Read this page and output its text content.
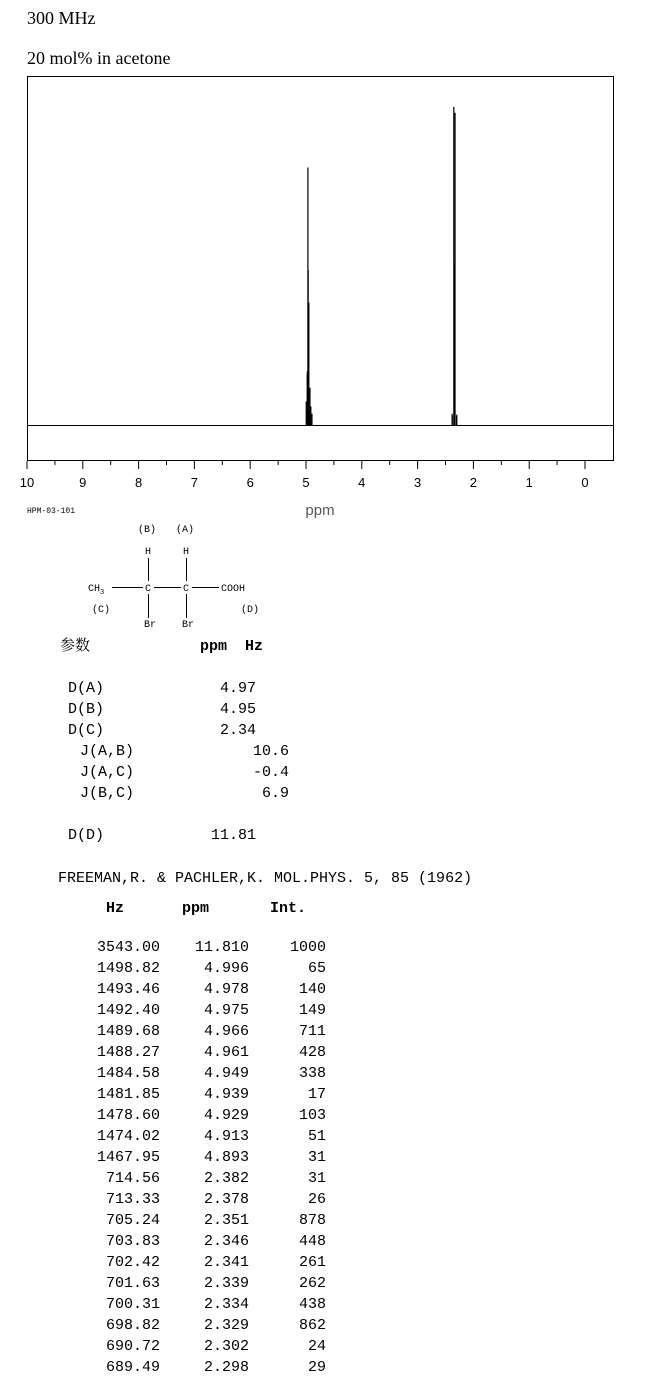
300 MHz
20 mol% in acetone
10	9	8	7	6	5	4	3	2	1	0
ppm
HPM-03-101
(B) (A)
H	H
$CH_3$	C	C	COOH
(C)	(D)
Br	Br
参数	ppm  Hz
D(A)	4.97
D(B)	4.95
D(C)	2.34
J(A,B)	10.6
J(A,C)	-0.4
J(B,C)	6.9
D(D)	11.81
FREEMAN,R. & PACHLER,K. MOL.PHYS. 5, 85 (1962)
Hz	ppm	Int.
3543.00	11.810	1000
1498.82	4.996	65
1493.46	4.978	140
1492.40	4.975	149
1489.68	4.966	711
1488.27	4.961	428
1484.58	4.949	338
1481.85	4.939	17
1478.60	4.929	103
1474.02	4.913	51
1467.95	4.893	31
714.56	2.382	31
713.33	2.378	26
705.24	2.351	878
703.83	2.346	448
702.42	2.341	261
701.63	2.339	262
700.31	2.334	438
698.82	2.329	862
690.72	2.302	24
689.49	2.298	29
